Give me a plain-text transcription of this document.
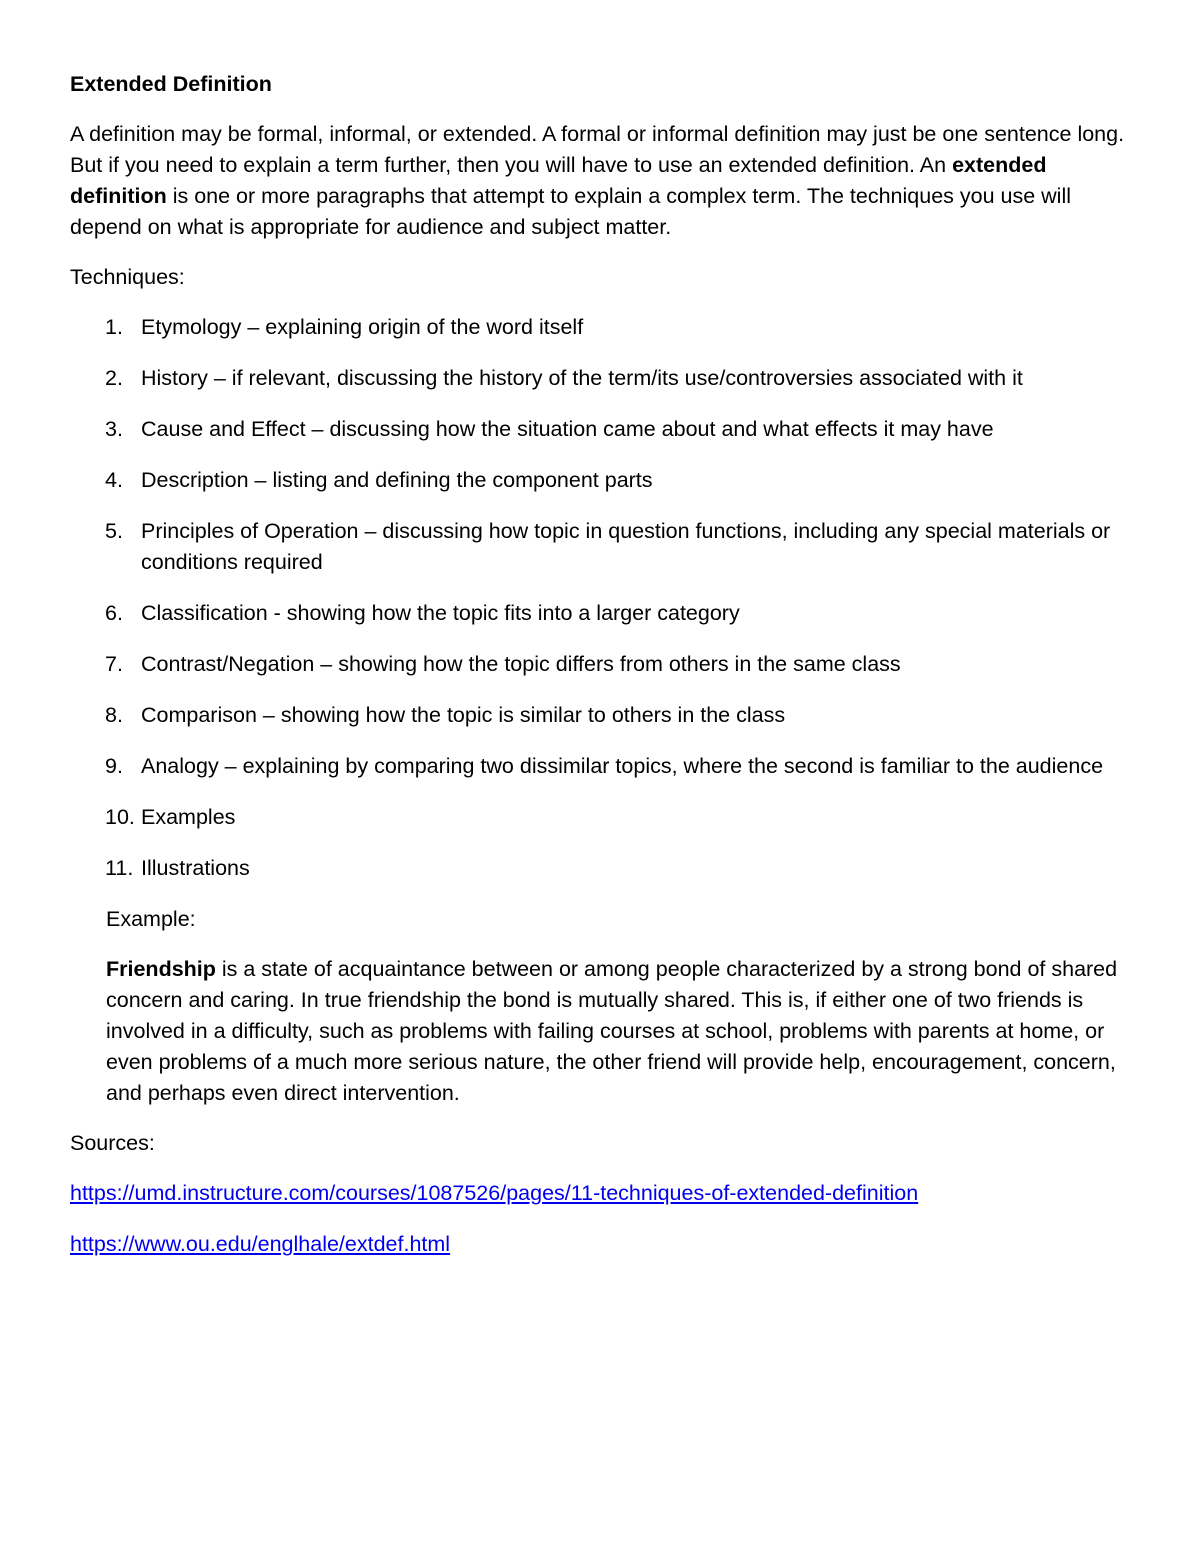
Extended Definition

A definition may be formal, informal, or extended. A formal or informal definition may just be one sentence long. But if you need to explain a term further, then you will have to use an extended definition. An extended definition is one or more paragraphs that attempt to explain a complex term. The techniques you use will depend on what is appropriate for audience and subject matter.

Techniques:

1. Etymology – explaining origin of the word itself
2. History – if relevant, discussing the history of the term/its use/controversies associated with it
3. Cause and Effect – discussing how the situation came about and what effects it may have
4. Description – listing and defining the component parts
5. Principles of Operation – discussing how topic in question functions, including any special materials or conditions required
6. Classification - showing how the topic fits into a larger category
7. Contrast/Negation – showing how the topic differs from others in the same class
8. Comparison – showing how the topic is similar to others in the class
9. Analogy – explaining by comparing two dissimilar topics, where the second is familiar to the audience
10. Examples
11. Illustrations

Example:

Friendship is a state of acquaintance between or among people characterized by a strong bond of shared concern and caring. In true friendship the bond is mutually shared. This is, if either one of two friends is involved in a difficulty, such as problems with failing courses at school, problems with parents at home, or even problems of a much more serious nature, the other friend will provide help, encouragement, concern, and perhaps even direct intervention.

Sources:

https://umd.instructure.com/courses/1087526/pages/11-techniques-of-extended-definition
https://www.ou.edu/englhale/extdef.html
